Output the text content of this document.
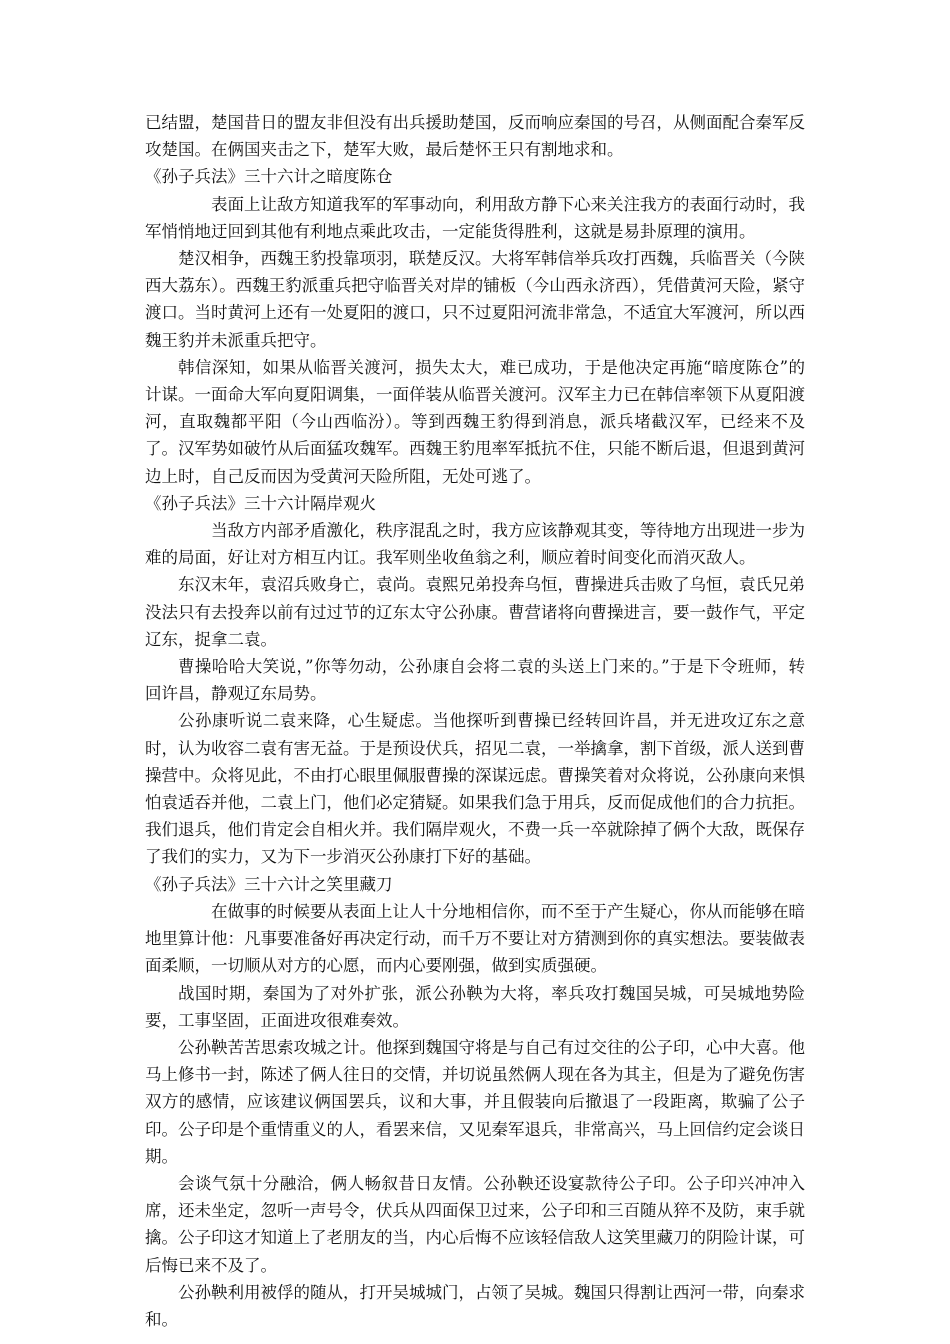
已结盟，楚国昔日的盟友非但没有出兵援助楚国，反而响应秦国的号召，从侧面配合秦军反攻楚国。在俩国夹击之下，楚军大败，最后楚怀王只有割地求和。

《孙子兵法》三十六计之暗度陈仓

表面上让敌方知道我军的军事动向，利用敌方静下心来关注我方的表面行动时，我军悄悄地迂回到其他有利地点乘此攻击，一定能货得胜利，这就是易卦原理的演用。

楚汉相争，西魏王豹投靠项羽，联楚反汉。大将军韩信举兵攻打西魏，兵临晋关（今陕西大荔东）。西魏王豹派重兵把守临晋关对岸的铺板（今山西永济西），凭借黄河天险，紧守渡口。当时黄河上还有一处夏阳的渡口，只不过夏阳河流非常急，不适宜大军渡河，所以西魏王豹并未派重兵把守。

韩信深知，如果从临晋关渡河，损失太大，难已成功，于是他决定再施“暗度陈仓”的计谋。一面命大军向夏阳调集，一面佯装从临晋关渡河。汉军主力已在韩信率领下从夏阳渡河，直取魏都平阳（今山西临汾）。等到西魏王豹得到消息，派兵堵截汉军，已经来不及了。汉军势如破竹从后面猛攻魏军。西魏王豹甩率军抵抗不住，只能不断后退，但退到黄河边上时，自己反而因为受黄河天险所阻，无处可逃了。

《孙子兵法》三十六计隔岸观火

当敌方内部矛盾激化，秩序混乱之时，我方应该静观其变，等待地方出现进一步为难的局面，好让对方相互内讧。我军则坐收鱼翁之利，顺应着时间变化而消灭敌人。

东汉末年，袁沼兵败身亡，袁尚。袁熙兄弟投奔乌恒，曹操进兵击败了乌恒，袁氏兄弟没法只有去投奔以前有过过节的辽东太守公孙康。曹营诸将向曹操进言，要一鼓作气，平定辽东，捉拿二袁。

曹操哈哈大笑说，”你等勿动，公孙康自会将二袁的头送上门来的。”于是下令班师，转回许昌，静观辽东局势。

公孙康听说二袁来降，心生疑虑。当他探听到曹操已经转回许昌，并无进攻辽东之意时，认为收容二袁有害无益。于是预设伏兵，招见二袁，一举擒拿，割下首级，派人送到曹操营中。众将见此，不由打心眼里佩服曹操的深谋远虑。曹操笑着对众将说，公孙康向来惧怕袁适吞并他，二袁上门，他们必定猜疑。如果我们急于用兵，反而促成他们的合力抗拒。我们退兵，他们肯定会自相火并。我们隔岸观火，不费一兵一卒就除掉了俩个大敌，既保存了我们的实力，又为下一步消灭公孙康打下好的基础。

《孙子兵法》三十六计之笑里藏刀

在做事的时候要从表面上让人十分地相信你，而不至于产生疑心，你从而能够在暗地里算计他：凡事要准备好再决定行动，而千万不要让对方猜测到你的真实想法。要装做表面柔顺，一切顺从对方的心愿，而内心要刚强，做到实质强硬。

战国时期，秦国为了对外扩张，派公孙鞅为大将，率兵攻打魏国吴城，可吴城地势险要，工事坚固，正面进攻很难奏效。

公孙鞅苦苦思索攻城之计。他探到魏国守将是与自己有过交往的公子印，心中大喜。他马上修书一封，陈述了俩人往日的交情，并切说虽然俩人现在各为其主，但是为了避免伤害双方的感情，应该建议俩国罢兵，议和大事，并且假装向后撤退了一段距离，欺骗了公子印。公子印是个重情重义的人，看罢来信，又见秦军退兵，非常高兴，马上回信约定会谈日期。

会谈气氛十分融洽，俩人畅叙昔日友情。公孙鞅还设宴款待公子印。公子印兴冲冲入席，还未坐定，忽听一声号令，伏兵从四面保卫过来，公子印和三百随从猝不及防，束手就擒。公子印这才知道上了老朋友的当，内心后悔不应该轻信敌人这笑里藏刀的阴险计谋，可后悔已来不及了。

公孙鞅利用被俘的随从，打开吴城城门，占领了吴城。魏国只得割让西河一带，向秦求和。
